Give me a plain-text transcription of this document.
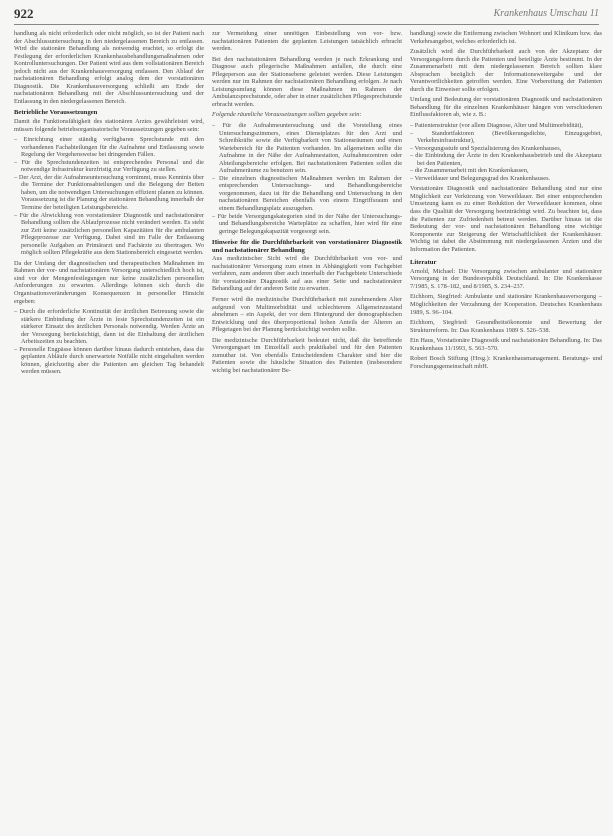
922	Krankenhaus Umschau 11

handlung als nicht erforderlich oder nicht möglich, so ist der Patient nach der Abschlussuntersuchung in den niedergelassenen Bereich zu entlassen. Wird die stationäre Behandlung als notwendig erachtet, so erfolgt die Festlegung der erforderlichen Krankenhausbehandlungsmaßnahmen oder Kontrolluntersuchungen. Der Patient wird aus dem vollstationären Bereich jedoch nicht aus der Krankenhausversorgung entlassen. Den Ablauf der nachstationären Behandlung erfolgt analog dem der vorstationären Diagnostik. Die Krankenhausversorgung schließt am Ende der nachstationären Behandlung mit der Abschlussuntersuchung und der Entlassung in den niedergelassenen Bereich.

Betriebliche Voraussetzungen

Damit die Funktionsfähigkeit des stationären Arztes gewährleistet wird, müssen folgende betriebsorganisatorische Voraussetzungen gegeben sein:

– Einrichtung einer ständig verfügbaren Sprechstunde mit den vorhandenen Fachabteilungen für die Aufnahme und Entlassung sowie Regelung der Vorgehensweise bei dringenden Fällen.
– Für die Sprechstundenzeiten ist entsprechendes Personal und die notwendige Infrastruktur kurzfristig zur Verfügung zu stellen.
– Der Arzt, der die Aufnahmeuntersuchung vornimmt, muss Kenntnis über die Termine der Funktionsabteilungen und die Belegung der Betten haben, um die notwendigen Untersuchungen effizient planen zu können. Voraussetzung ist die Planung der stationären Behandlung innerhalb der Termine der beteiligten Leistungsbereiche.
– Für die Abwicklung von vorstationärer Diagnostik und nachstationärer Behandlung sollten die Ablaufprozesse nicht verändert werden. Es steht zur Zeit keine zusätzlichen personellen Kapazitäten für die ambulanten Pflegeprozesse zur Verfügung. Dabei sind im Falle der Entlassung personelle Aufgaben an Primärarzt und Fachärzte zu übertragen. Wo möglich sollten Pflegekräfte aus dem Stationsbereich eingesetzt werden.

Da der Umfang der diagnostischen und therapeutischen Maßnahmen im Rahmen der vor- und nachstationären Versorgung unterschiedlich hoch ist, sind vor der Mengenfestlegungen nur keine zusätzlichen personellen Anforderungen zu erwarten. Allerdings können sich durch die Organisationsveränderungen Konsequenzen in personeller Hinsicht ergeben:

– Durch die erforderliche Kontinuität der ärztlichen Betreuung sowie die stärkere Einbindung der Ärzte in feste Sprechstundenzeiten ist ein stärkerer Einsatz des ärztlichen Personals notwendig. Werden Ärzte an der Versorgung berücksichtigt, dann ist die Einhaltung der ärztlichen Arbeitszeiten zu beachten.
– Personelle Engpässe können darüber hinaus dadurch entstehen, dass die geplanten Abläufe durch unerwartete Notfälle nicht eingehalten werden können, gleichzeitig aber die Patienten am gleichen Tag behandelt werden müssen.

zur Vermeidung einer unnötigen Einbestellung von vor- bzw. nachstationären Patienten die geplanten Leistungen tatsächlich erbracht werden.

Bei den nachstationären Behandlung werden je nach Erkrankung und Diagnose auch pflegerische Maßnahmen anfallen, die durch eine Pflegeperson aus der Stationsebene geleistet werden. Diese Leistungen werden nur im Rahmen der nachstationären Behandlung erfolgen. Je nach Leistungsumfang können diese Maßnahmen im Rahmen der Ambulanzsprechstunde, oder aber in einer zusätzlichen Pflegesprechstunde erbracht werden.

Folgende räumliche Voraussetzungen sollten gegeben sein:

– Für die Aufnahmeuntersuchung und die Vorstellung eines Untersuchungszimmers, eines Dienstplatzes für den Arzt und Schreibkräfte sowie die Verfügbarkeit von Stationsräumen und einen Wartebereich für die Patienten vorhanden. Im allgemeinen sollte die Aufnahme in der Nähe der Aufnahmestation, Aufnahmezentren oder Abteilungsbereiche erfolgen. Bei nachstationären Patienten sollen die Aufnahmeräume zu benutzen sein.
– Die einzelnen diagnostischen Maßnahmen werden im Rahmen der entsprechenden Untersuchungs- und Behandlungsbereiche vorgenommen, dazu ist für die Behandlung und Untersuchung in den nachstationären Bereichen ebenfalls von einem Eingriffsraum und einem Behandlungsplatz auszugehen.
– Für beide Versorgungskategorien sind in der Nähe der Untersuchungs- und Behandlungsbereiche Warteplätze zu schaffen, hier wird für eine geringe Belegungskapazität vorgesorgt sein.
Hinweise für die Durchführbarkeit von vorstationärer Diagnostik und nachstationärer Behandlung

Aus medizinischer Sicht wird die Durchführbarkeit von vor- und nachstationärer Versorgung zum einen in Abhängigkeit vom Fachgebiet verfahren, zum anderen über auch innerhalb der Fachgebiete Unterschiede für vorstationäre Diagnostik auf aus einer Seite und nachstationärer Behandlung auf der anderen Seite zu erwarten.

Ferner wird die medizinische Durchführbarkeit mit zunehmendem Alter aufgrund von Multimorbidität und schlechterem Allgemeinzustand abnehmen – ein Aspekt, der vor dem Hintergrund der demographischen Entwicklung und des überproportional hohen Anteils der Älteren an Pflegetagen bei der Planung berücksichtigt werden sollte.

Die medizinische Durchführbarkeit bedeutet nicht, daß die betreffende Versorgungsart im Einzelfall auch praktikabel und für den Patienten zumutbar ist. Von ebenfalls Entscheidendem Charakter sind hier die Patienten sowie die häusliche Situation des Patienten (insbesondere wichtig bei nachstationärer Be-

handlung) sowie die Entfernung zwischen Wohnort und Klinikum bzw. das Verkehrsangebot, welches erforderlich ist.

Zusätzlich wird die Durchführbarkeit auch von der Akzeptanz der Versorgungsform durch die Patienten und beteiligte Ärzte bestimmt. In der Zusammenarbeit mit dem niedergelassenen Bereich sollten klare Absprachen bezüglich der Informationsweitergabe und der Verantwortlichkeiten getroffen werden. Eine Vorbereitung der Patienten durch die Einweiser sollte erfolgen.

Umfang und Bedeutung der vorstationären Diagnostik und nachstationären Behandlung für die einzelnen Krankenhäuser hängen von verschiedenen Einflussfaktoren ab, wie z. B.:

– Patientenstruktur (vor allem Diagnose, Alter und Multimorbidität),
– Standortfaktoren (Bevölkerungsdichte, Einzugsgebiet, Verkehrsinfrastruktur),
– Versorgungsstufe und Spezialisierung des Krankenhauses,
– die Einbindung der Ärzte in den Krankenhausbetrieb und die Akzeptanz bei den Patienten,
– die Zusammenarbeit mit den Krankenkassen,
– Verweildauer und Belegungsgrad des Krankenhauses.

Vorstationäre Diagnostik und nachstationäre Behandlung sind nur eine Möglichkeit zur Verkürzung von Verweildauer. Bei einer entsprechenden Umsetzung kann es zu einer Reduktion der Verweildauer kommen, ohne dass die Qualität der Versorgung beeinträchtigt wird. Zu beachten ist, dass die Patienten zur Zufriedenheit betreut werden. Darüber hinaus ist die Bedeutung der vor- und nachstationären Behandlung eine wichtige Komponente zur Steigerung der Wirtschaftlichkeit der Krankenhäuser. Wichtig ist dabei die Abstimmung mit niedergelassenen Ärzten und die Information der Patienten.

Literatur

Arnold, Michael: Die Versorgung zwischen ambulanter und stationärer Versorgung in der Bundesrepublik Deutschland. In: Die Krankenkasse 7/1985, S. 178–182, und 8/1985, S. 234–237.

Eichhorn, Siegfried: Ambulante und stationäre Krankenhausversorgung – Möglichkeiten der Verzahnung der Kooperation. Deutsches Krankenhaus 1989, S. 96–104.

Eichhorn, Siegfried: Gesundheitsökonomie und Bewertung der Strukturreform. In: Das Krankenhaus 1989 S. 526–538.

Ein Haus, Vorstationäre Diagnostik und nachstationäre Behandlung. In: Das Krankenhaus 11/1993, S. 563–570.

Robert Bosch Stiftung (Hrsg.): Krankenhausmanagement. Beratungs- und Forschungsgemeinschaft mbH.
